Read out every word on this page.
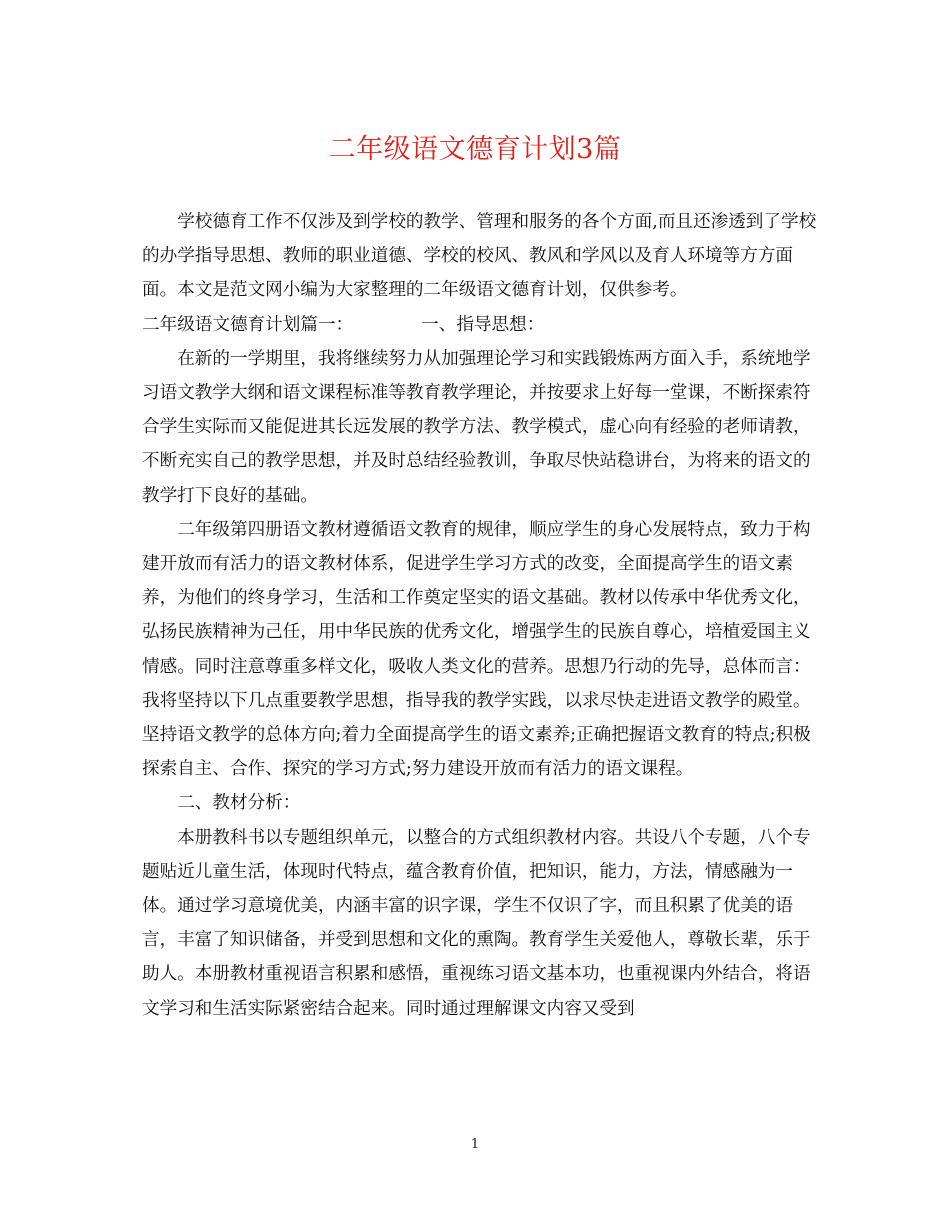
二年级语文德育计划3篇

学校德育工作不仅涉及到学校的教学、管理和服务的各个方面,而且还渗透到了学校的办学指导思想、教师的职业道德、学校的校风、教风和学风以及育人环境等方方面面。本文是范文网小编为大家整理的二年级语文德育计划，仅供参考。

二年级语文德育计划篇一：	一、指导思想：

在新的一学期里，我将继续努力从加强理论学习和实践锻炼两方面入手，系统地学习语文教学大纲和语文课程标准等教育教学理论，并按要求上好每一堂课，不断探索符合学生实际而又能促进其长远发展的教学方法、教学模式，虚心向有经验的老师请教，不断充实自己的教学思想，并及时总结经验教训，争取尽快站稳讲台，为将来的语文的教学打下良好的基础。

二年级第四册语文教材遵循语文教育的规律，顺应学生的身心发展特点，致力于构建开放而有活力的语文教材体系，促进学生学习方式的改变，全面提高学生的语文素养，为他们的终身学习，生活和工作奠定坚实的语文基础。教材以传承中华优秀文化，弘扬民族精神为己任，用中华民族的优秀文化，增强学生的民族自尊心，培植爱国主义情感。同时注意尊重多样文化，吸收人类文化的营养。思想乃行动的先导，总体而言：我将坚持以下几点重要教学思想，指导我的教学实践，以求尽快走进语文教学的殿堂。坚持语文教学的总体方向;着力全面提高学生的语文素养;正确把握语文教育的特点;积极探索自主、合作、探究的学习方式;努力建设开放而有活力的语文课程。

二、教材分析：

本册教科书以专题组织单元，以整合的方式组织教材内容。共设八个专题，八个专题贴近儿童生活，体现时代特点，蕴含教育价值，把知识，能力，方法，情感融为一体。通过学习意境优美，内涵丰富的识字课，学生不仅识了字，而且积累了优美的语言，丰富了知识储备，并受到思想和文化的熏陶。教育学生关爱他人，尊敬长辈，乐于助人。本册教材重视语言积累和感悟，重视练习语文基本功，也重视课内外结合，将语文学习和生活实际紧密结合起来。同时通过理解课文内容又受到

1
